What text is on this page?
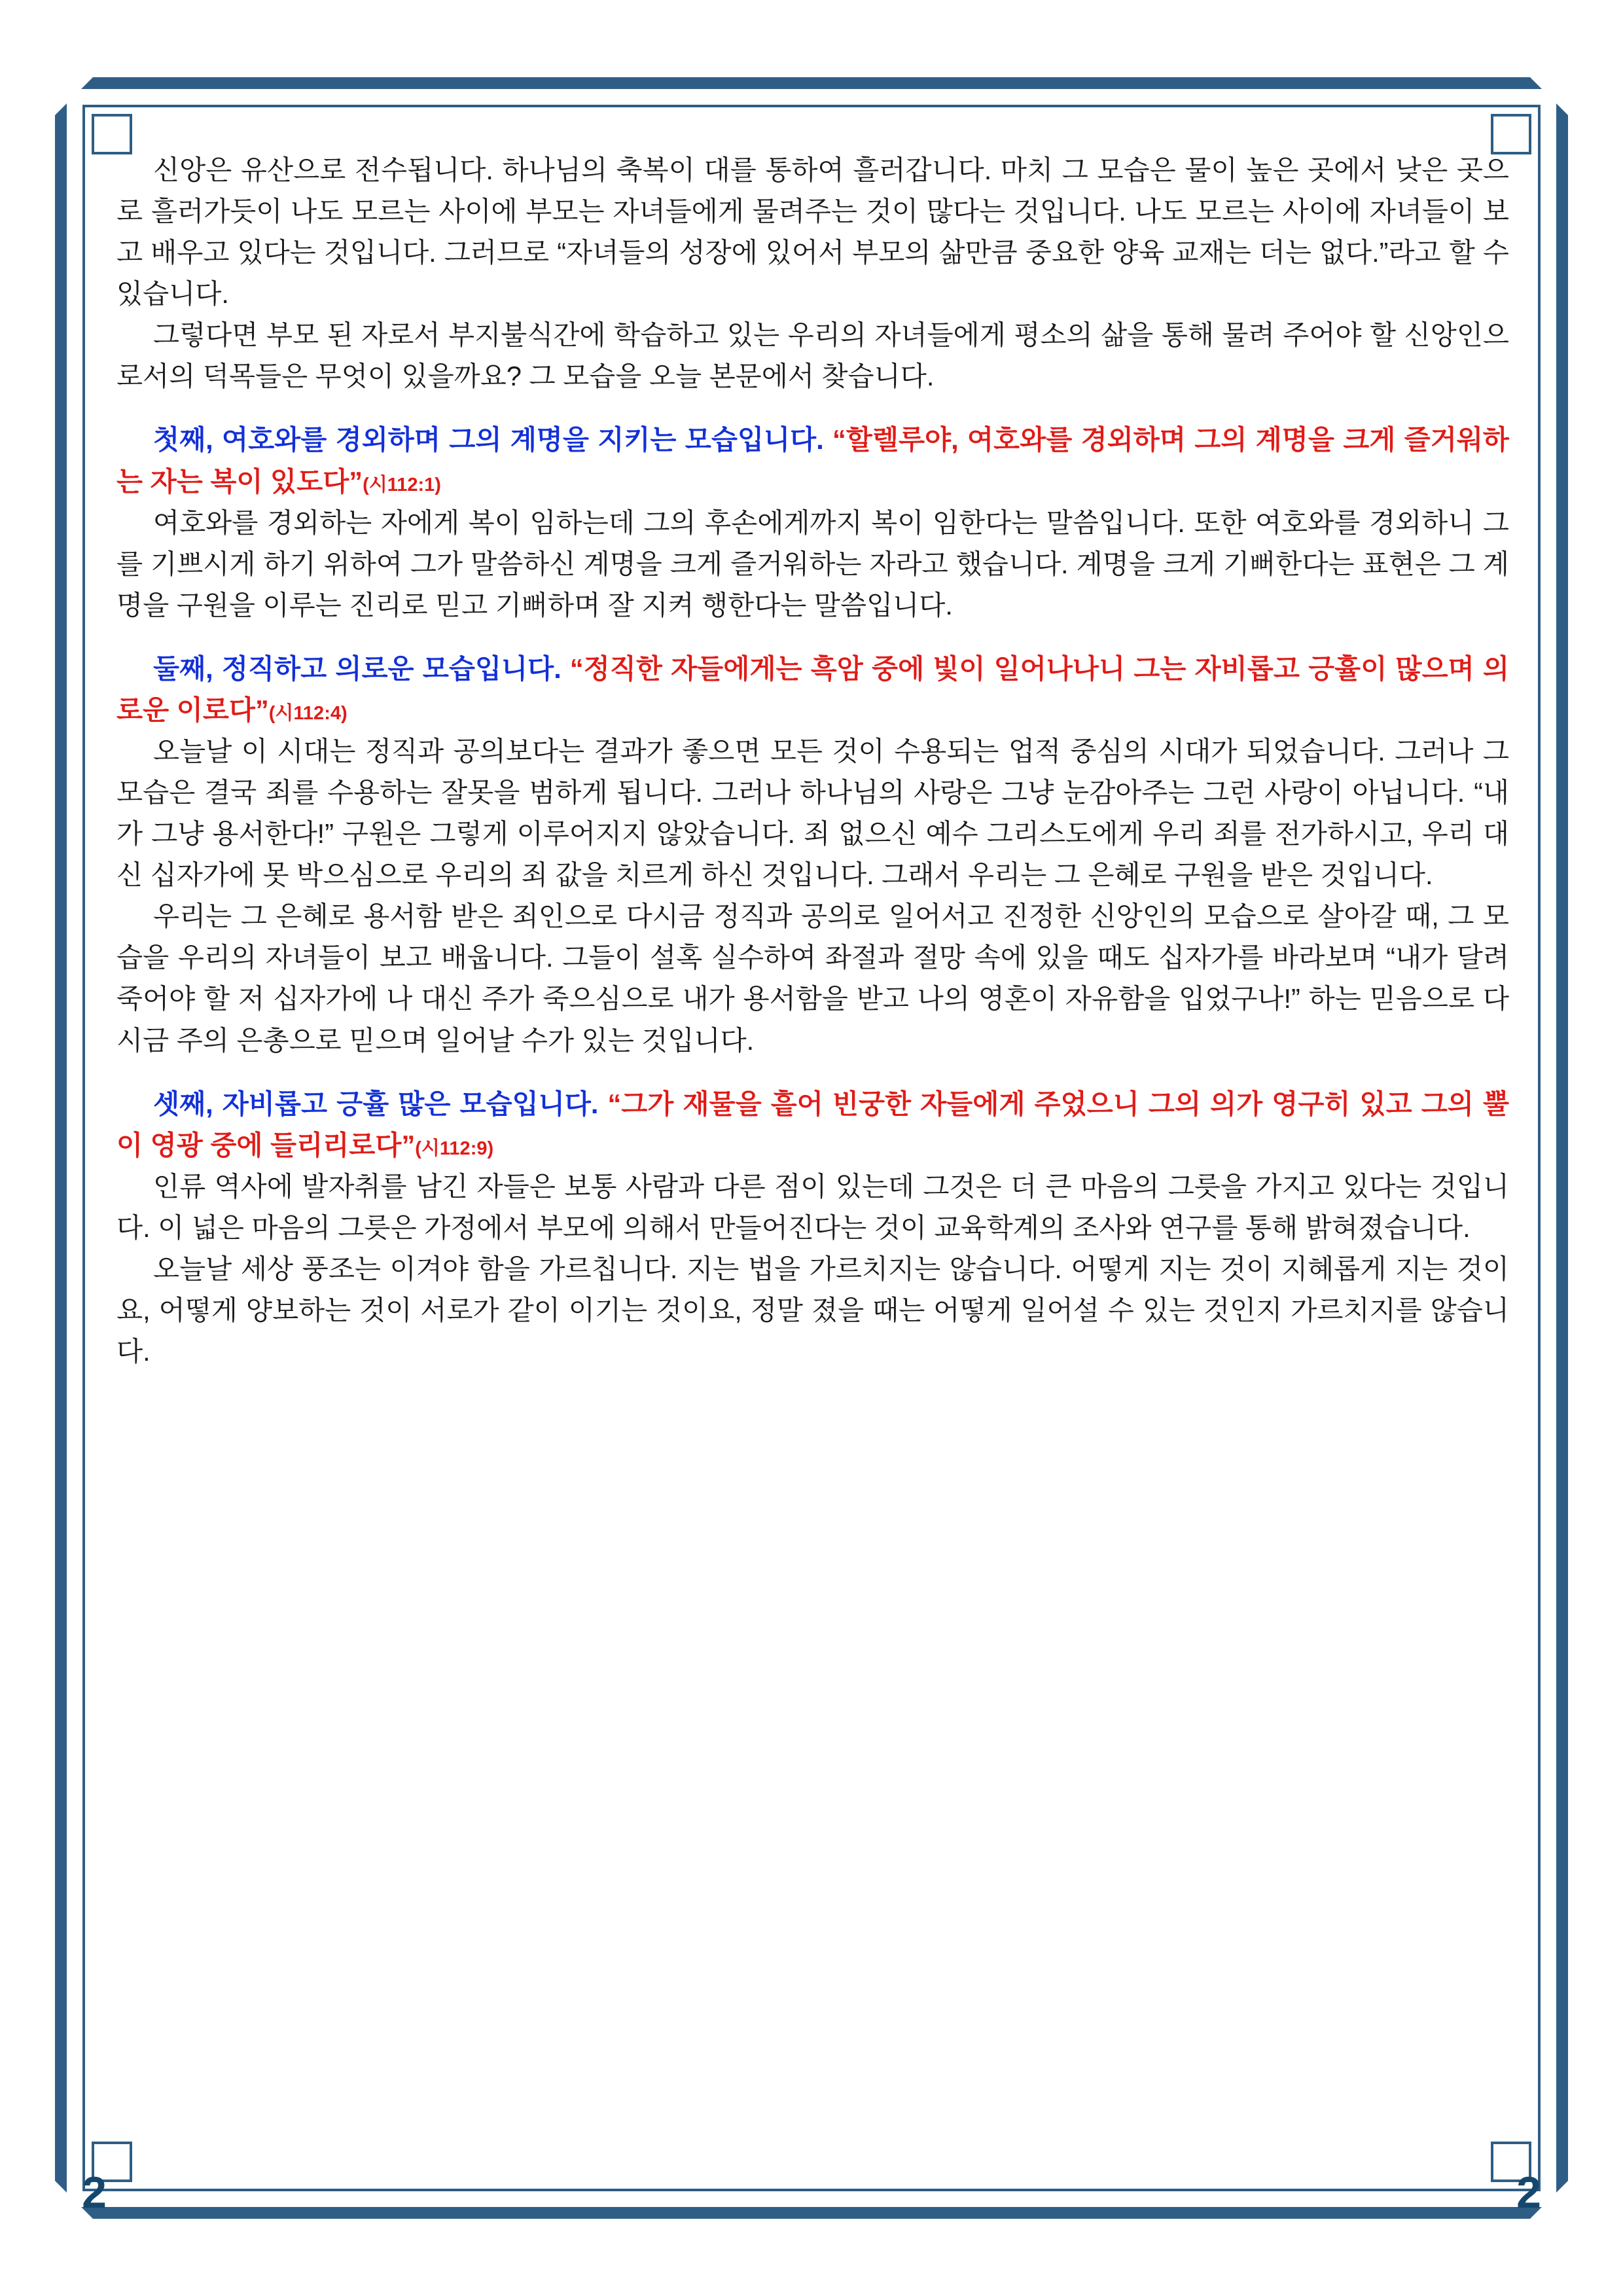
2	2

신앙은 유산으로 전수됩니다. 하나님의 축복이 대를 통하여 흘러갑니다. 마치 그 모습은 물이 높은 곳에서 낮은 곳으로 흘러가듯이 나도 모르는 사이에 부모는 자녀들에게 물려주는 것이 많다는 것입니다. 나도 모르는 사이에 자녀들이 보고 배우고 있다는 것입니다. 그러므로 “자녀들의 성장에 있어서 부모의 삶만큼 중요한 양육 교재는 더는 없다.”라고 할 수 있습니다.

그렇다면 부모 된 자로서 부지불식간에 학습하고 있는 우리의 자녀들에게 평소의 삶을 통해 물려 주어야 할 신앙인으로서의 덕목들은 무엇이 있을까요? 그 모습을 오늘 본문에서 찾습니다.

첫째, 여호와를 경외하며 그의 계명을 지키는 모습입니다. “할렐루야, 여호와를 경외하며 그의 계명을 크게 즐거워하는 자는 복이 있도다”(시112:1)

여호와를 경외하는 자에게 복이 임하는데 그의 후손에게까지 복이 임한다는 말씀입니다. 또한 여호와를 경외하니 그를 기쁘시게 하기 위하여 그가 말씀하신 계명을 크게 즐거워하는 자라고 했습니다. 계명을 크게 기뻐한다는 표현은 그 계명을 구원을 이루는 진리로 믿고 기뻐하며 잘 지켜 행한다는 말씀입니다.

둘째, 정직하고 의로운 모습입니다. “정직한 자들에게는 흑암 중에 빛이 일어나나니 그는 자비롭고 긍휼이 많으며 의로운 이로다”(시112:4)

오늘날 이 시대는 정직과 공의보다는 결과가 좋으면 모든 것이 수용되는 업적 중심의 시대가 되었습니다. 그러나 그 모습은 결국 죄를 수용하는 잘못을 범하게 됩니다. 그러나 하나님의 사랑은 그냥 눈감아주는 그런 사랑이 아닙니다. “내가 그냥 용서한다!” 구원은 그렇게 이루어지지 않았습니다. 죄 없으신 예수 그리스도에게 우리 죄를 전가하시고, 우리 대신 십자가에 못 박으심으로 우리의 죄 값을 치르게 하신 것입니다. 그래서 우리는 그 은혜로 구원을 받은 것입니다.

우리는 그 은혜로 용서함 받은 죄인으로 다시금 정직과 공의로 일어서고 진정한 신앙인의 모습으로 살아갈 때, 그 모습을 우리의 자녀들이 보고 배웁니다. 그들이 설혹 실수하여 좌절과 절망 속에 있을 때도 십자가를 바라보며 “내가 달려 죽어야 할 저 십자가에 나 대신 주가 죽으심으로 내가 용서함을 받고 나의 영혼이 자유함을 입었구나!” 하는 믿음으로 다시금 주의 은총으로 믿으며 일어날 수가 있는 것입니다.

셋째, 자비롭고 긍휼 많은 모습입니다. “그가 재물을 흩어 빈궁한 자들에게 주었으니 그의 의가 영구히 있고 그의 뿔이 영광 중에 들리리로다”(시112:9)

인류 역사에 발자취를 남긴 자들은 보통 사람과 다른 점이 있는데 그것은 더 큰 마음의 그릇을 가지고 있다는 것입니다. 이 넓은 마음의 그릇은 가정에서 부모에 의해서 만들어진다는 것이 교육학계의 조사와 연구를 통해 밝혀졌습니다.

오늘날 세상 풍조는 이겨야 함을 가르칩니다. 지는 법을 가르치지는 않습니다. 어떻게 지는 것이 지혜롭게 지는 것이요, 어떻게 양보하는 것이 서로가 같이 이기는 것이요, 정말 졌을 때는 어떻게 일어설 수 있는 것인지 가르치지를 않습니다.
